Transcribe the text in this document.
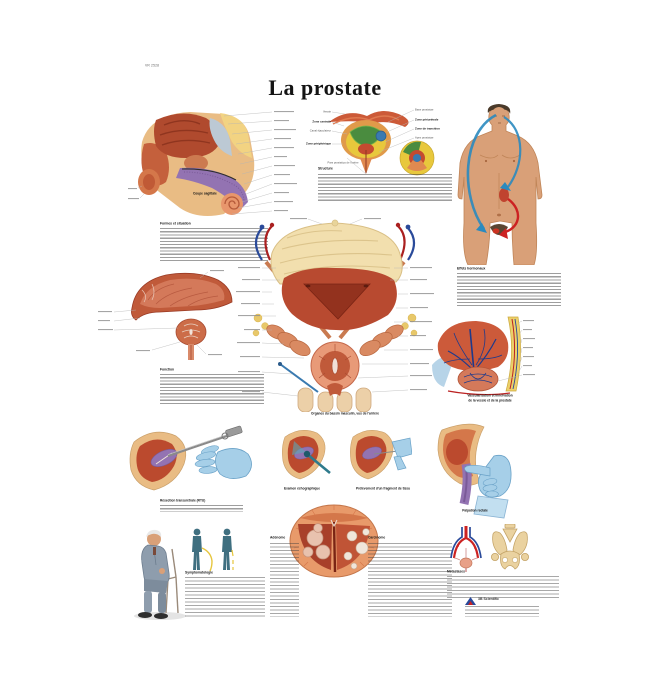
VR 2528
La prostate
Coupe sagittale
Formes et situation
Vessie
Zone centrale
Canal éjaculateur
Zone périphérique
Base prostatae
Zone périurétrale
Zone de transition
Apex prostatae
Pars prostatica de l'urètre
Structure
Effets hormonaux
Organes du bassin masculin, vus de l'arrière
Fonction
Vascularisation et innervation
de la vessie et de la prostate
Résection transurétrale (RTU)
Examen échographique	Prélèvement d'un fragment de tissu
Palpation rectale
Symptomatologie
Adénome	Carcinome
Métastases
3B Scientific
